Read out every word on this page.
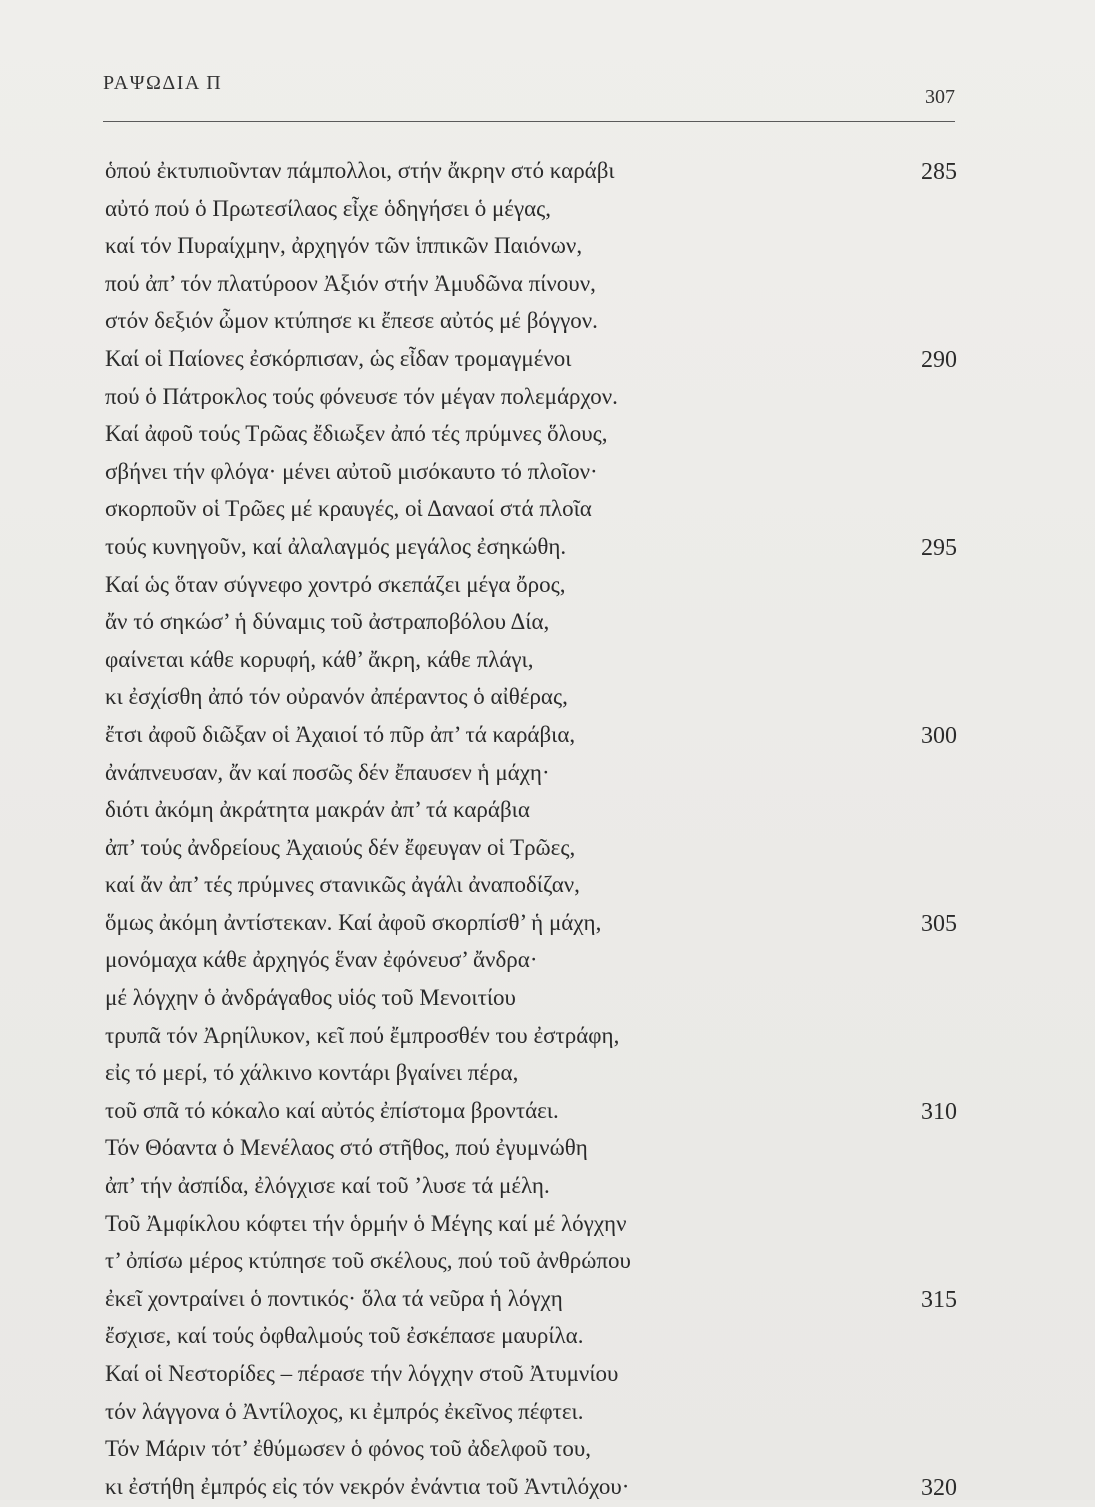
ΡΑΨΩΔΙΑ Π
307
ὁπού ἐκτυπιοῦνταν πάμπολλοι, στήν ἄκρην στό καράβι	285
αὐτό πού ὁ Πρωτεσίλαος εἶχε ὁδηγήσει ὁ μέγας,
καί τόν Πυραίχμην, ἀρχηγόν τῶν ἱππικῶν Παιόνων,
πού ἀπ’ τόν πλατύροον Ἀξιόν στήν Ἀμυδῶνα πίνουν,
στόν δεξιόν ὦμον κτύπησε κι ἔπεσε αὐτός μέ βόγγον.
Καί οἱ Παίονες ἐσκόρπισαν, ὡς εἶδαν τρομαγμένοι	290
πού ὁ Πάτροκλος τούς φόνευσε τόν μέγαν πολεμάρχον.
Καί ἀφοῦ τούς Τρῶας ἔδιωξεν ἀπό τές πρύμνες ὅλους,
σβήνει τήν φλόγα· μένει αὐτοῦ μισόκαυτο τό πλοῖον·
σκορποῦν οἱ Τρῶες μέ κραυγές, οἱ Δαναοί στά πλοῖα
τούς κυνηγοῦν, καί ἀλαλαγμός μεγάλος ἐσηκώθη.	295
Καί ὡς ὅταν σύγνεφο χοντρό σκεπάζει μέγα ὄρος,
ἄν τό σηκώσ’ ἡ δύναμις τοῦ ἀστραποβόλου Δία,
φαίνεται κάθε κορυφή, κάθ’ ἄκρη, κάθε πλάγι,
κι ἐσχίσθη ἀπό τόν οὐρανόν ἀπέραντος ὁ αἰθέρας,
ἔτσι ἀφοῦ διῶξαν οἱ Ἀχαιοί τό πῦρ ἀπ’ τά καράβια,	300
ἀνάπνευσαν, ἄν καί ποσῶς δέν ἔπαυσεν ἡ μάχη·
διότι ἀκόμη ἀκράτητα μακράν ἀπ’ τά καράβια
ἀπ’ τούς ἀνδρείους Ἀχαιούς δέν ἔφευγαν οἱ Τρῶες,
καί ἄν ἀπ’ τές πρύμνες στανικῶς ἀγάλι ἀναποδίζαν,
ὅμως ἀκόμη ἀντίστεκαν. Καί ἀφοῦ σκορπίσθ’ ἡ μάχη,	305
μονόμαχα κάθε ἀρχηγός ἕναν ἐφόνευσ’ ἄνδρα·
μέ λόγχην ὁ ἀνδράγαθος υἱός τοῦ Μενοιτίου
τρυπᾶ τόν Ἀρηίλυκον, κεῖ πού ἔμπροσθέν του ἐστράφη,
εἰς τό μερί, τό χάλκινο κοντάρι βγαίνει πέρα,
τοῦ σπᾶ τό κόκαλο καί αὐτός ἐπίστομα βροντάει.	310
Τόν Θόαντα ὁ Μενέλαος στό στῆθος, πού ἐγυμνώθη
ἀπ’ τήν ἀσπίδα, ἐλόγχισε καί τοῦ ’λυσε τά μέλη.
Τοῦ Ἀμφίκλου κόφτει τήν ὁρμήν ὁ Μέγης καί μέ λόγχην
τ’ ὀπίσω μέρος κτύπησε τοῦ σκέλους, πού τοῦ ἀνθρώπου
ἐκεῖ χοντραίνει ὁ ποντικός· ὅλα τά νεῦρα ἡ λόγχη	315
ἔσχισε, καί τούς ὀφθαλμούς τοῦ ἐσκέπασε μαυρίλα.
Καί οἱ Νεστορίδες – πέρασε τήν λόγχην στοῦ Ἀτυμνίου
τόν λάγγονα ὁ Ἀντίλοχος, κι ἐμπρός ἐκεῖνος πέφτει.
Τόν Μάριν τότ’ ἐθύμωσεν ὁ φόνος τοῦ ἀδελφοῦ του,
κι ἐστήθη ἐμπρός εἰς τόν νεκρόν ἐνάντια τοῦ Ἀντιλόχου·	320
